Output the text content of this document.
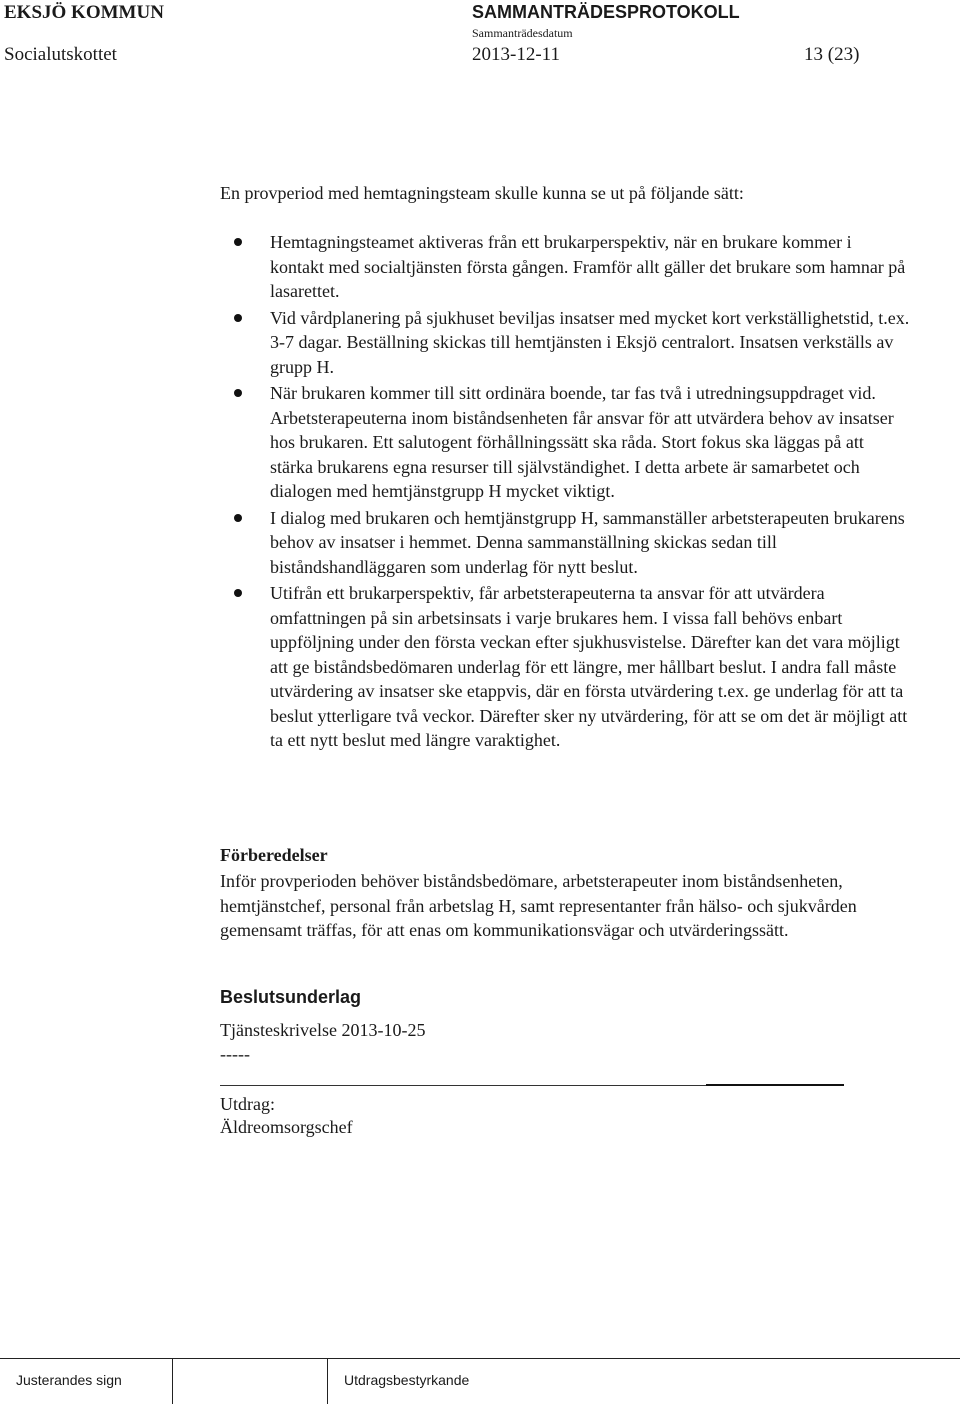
EKSJÖ KOMMUN	SAMMANTRÄDESPROTOKOLL
Sammanträdesdatum
Socialutskottet	2013-12-11	13 (23)
En provperiod med hemtagningsteam skulle kunna se ut på följande sätt:
Hemtagningsteamet aktiveras från ett brukarperspektiv, när en brukare kommer i kontakt med socialtjänsten första gången. Framför allt gäller det brukare som hamnar på lasarettet.
Vid vårdplanering på sjukhuset beviljas insatser med mycket kort verkställighetstid, t.ex. 3-7 dagar. Beställning skickas till hemtjänsten i Eksjö centralort. Insatsen verkställs av grupp H.
När brukaren kommer till sitt ordinära boende, tar fas två i utredningsuppdraget vid. Arbetsterapeuterna inom biståndsenheten får ansvar för att utvärdera behov av insatser hos brukaren. Ett salutogent förhållningssätt ska råda. Stort fokus ska läggas på att stärka brukarens egna resurser till självständighet. I detta arbete är samarbetet och dialogen med hemtjänstgrupp H mycket viktigt.
I dialog med brukaren och hemtjänstgrupp H, sammanställer arbetsterapeuten brukarens behov av insatser i hemmet. Denna sammanställning skickas sedan till biståndshandläggaren som underlag för nytt beslut.
Utifrån ett brukarperspektiv, får arbetsterapeuterna ta ansvar för att utvärdera omfattningen på sin arbetsinsats i varje brukares hem. I vissa fall behövs enbart uppföljning under den första veckan efter sjukhusvistelse. Därefter kan det vara möjligt att ge biståndsbedömaren underlag för ett längre, mer hållbart beslut. I andra fall måste utvärdering av insatser ske etappvis, där en första utvärdering t.ex. ge underlag för att ta beslut ytterligare två veckor. Därefter sker ny utvärdering, för att se om det är möjligt att ta ett nytt beslut med längre varaktighet.
Förberedelser
Inför provperioden behöver biståndsbedömare, arbetsterapeuter inom biståndsenheten, hemtjänstchef, personal från arbetslag H, samt representanter från hälso- och sjukvården gemensamt träffas, för att enas om kommunikationsvägar och utvärderingssätt.
Beslutsunderlag
Tjänsteskrivelse 2013-10-25
-----
Utdrag:
Äldreomsorgschef
Justerandes sign	Utdragsbestyrkande
